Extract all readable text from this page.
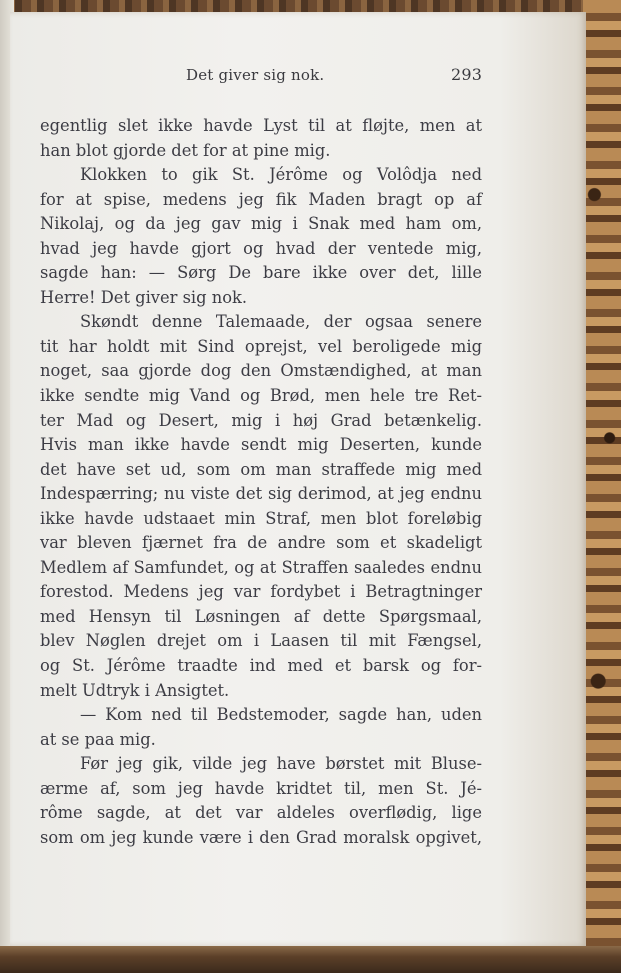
Det giver sig nok.	293
egentlig slet ikke havde Lyst til at fløjte, men at
han blot gjorde det for at pine mig.
Klokken to gik St. Jérôme og Volôdja ned
for at spise, medens jeg fik Maden bragt op af
Nikolaj, og da jeg gav mig i Snak med ham om,
hvad jeg havde gjort og hvad der ventede mig,
sagde han: — Sørg De bare ikke over det, lille
Herre! Det giver sig nok.
Skøndt denne Talemaade, der ogsaa senere
tit har holdt mit Sind oprejst, vel beroligede mig
noget, saa gjorde dog den Omstændighed, at man
ikke sendte mig Vand og Brød, men hele tre Ret-
ter Mad og Desert, mig i høj Grad betænkelig.
Hvis man ikke havde sendt mig Deserten, kunde
det have set ud, som om man straffede mig med
Indespærring; nu viste det sig derimod, at jeg endnu
ikke havde udstaaet min Straf, men blot foreløbig
var bleven fjærnet fra de andre som et skadeligt
Medlem af Samfundet, og at Straffen saaledes endnu
forestod. Medens jeg var fordybet i Betragtninger
med Hensyn til Løsningen af dette Spørgsmaal,
blev Nøglen drejet om i Laasen til mit Fængsel,
og St. Jérôme traadte ind med et barsk og for-
melt Udtryk i Ansigtet.
— Kom ned til Bedstemoder, sagde han, uden
at se paa mig.
Før jeg gik, vilde jeg have børstet mit Bluse-
ærme af, som jeg havde kridtet til, men St. Jé-
rôme sagde, at det var aldeles overflødig, lige
som om jeg kunde være i den Grad moralsk opgivet,
